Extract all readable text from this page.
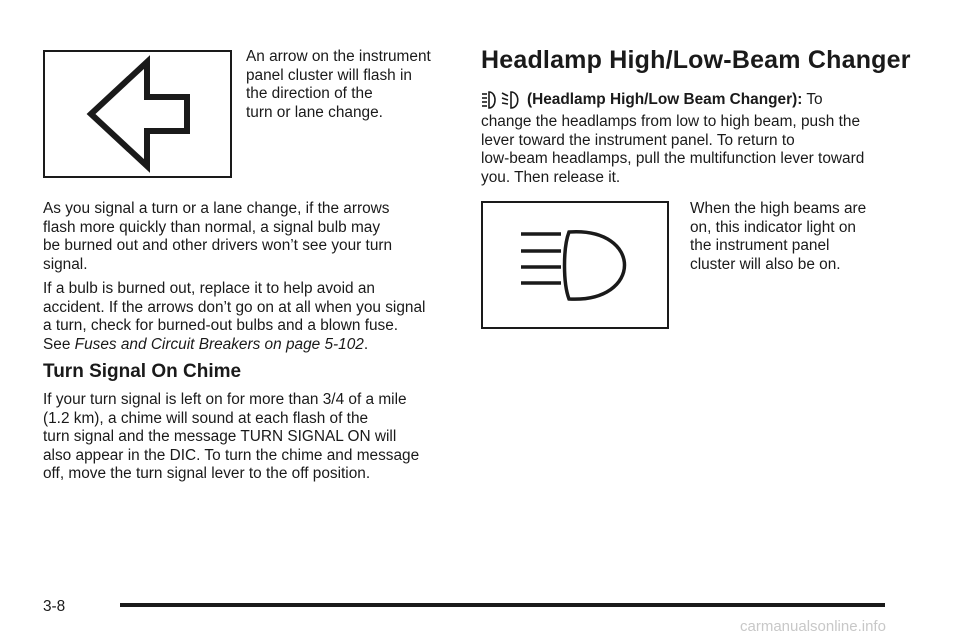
An arrow on the instrument

panel cluster will flash in

the direction of the

turn or lane change.

As you signal a turn or a lane change, if the arrows

flash more quickly than normal, a signal bulb may

be burned out and other drivers won’t see your turn

signal.

If a bulb is burned out, replace it to help avoid an

accident. If the arrows don’t go on at all when you signal

a turn, check for burned-out bulbs and a blown fuse.

See Fuses and Circuit Breakers on page 5-102.

Turn Signal On Chime

If your turn signal is left on for more than 3/4 of a mile

(1.2 km), a chime will sound at each flash of the

turn signal and the message TURN SIGNAL ON will

also appear in the DIC. To turn the chime and message

off, move the turn signal lever to the off position.

Headlamp High/Low-Beam Changer
(Headlamp High/Low Beam Changer): To

change the headlamps from low to high beam, push the

lever toward the instrument panel. To return to

low-beam headlamps, pull the multifunction lever toward

you. Then release it.

When the high beams are

on, this indicator light on

the instrument panel

cluster will also be on.

3-8
carmanualsonline.info
